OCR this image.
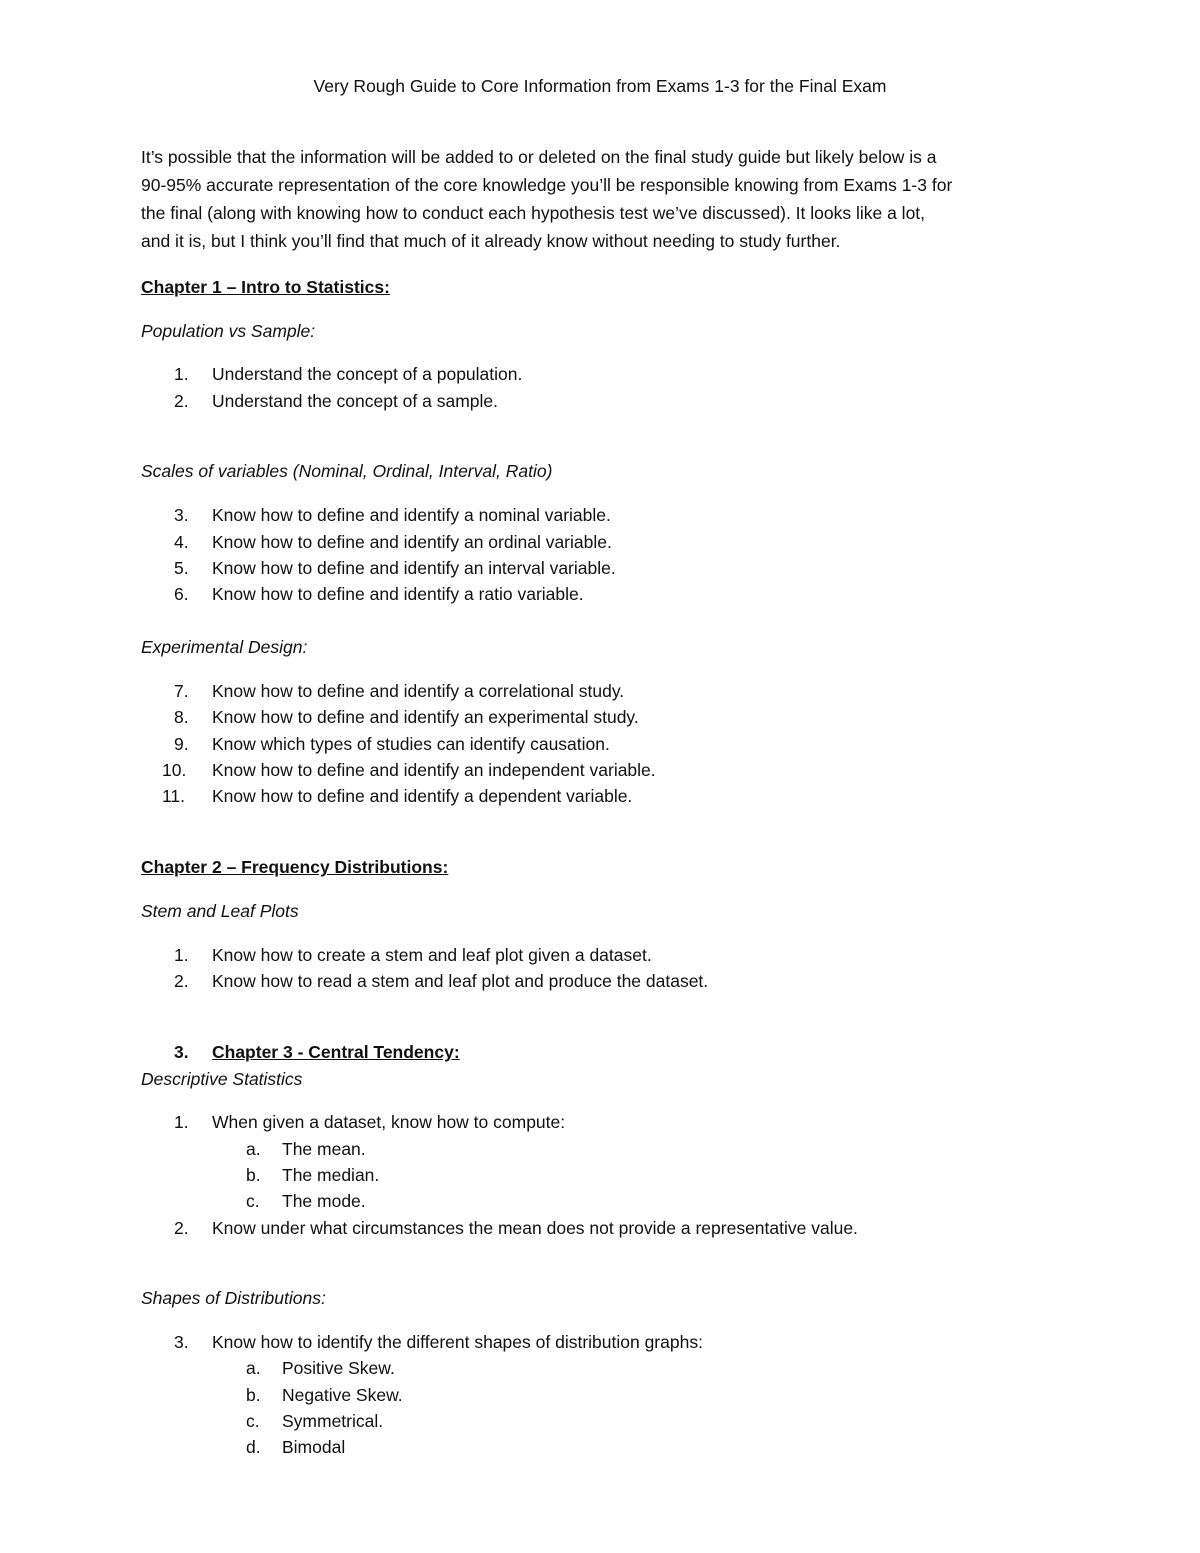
Very Rough Guide to Core Information from Exams 1-3 for the Final Exam
It’s possible that the information will be added to or deleted on the final study guide but likely below is a
90-95% accurate representation of the core knowledge you’ll be responsible knowing from Exams 1-3 for
the final (along with knowing how to conduct each hypothesis test we’ve discussed). It looks like a lot,
and it is, but I think you’ll find that much of it already know without needing to study further.
Chapter 1 – Intro to Statistics:
Population vs Sample:
1. Understand the concept of a population.
2. Understand the concept of a sample.
Scales of variables (Nominal, Ordinal, Interval, Ratio)
3. Know how to define and identify a nominal variable.
4. Know how to define and identify an ordinal variable.
5. Know how to define and identify an interval variable.
6. Know how to define and identify a ratio variable.
Experimental Design:
7. Know how to define and identify a correlational study.
8. Know how to define and identify an experimental study.
9. Know which types of studies can identify causation.
10. Know how to define and identify an independent variable.
11. Know how to define and identify a dependent variable.
Chapter 2 – Frequency Distributions:
Stem and Leaf Plots
1. Know how to create a stem and leaf plot given a dataset.
2. Know how to read a stem and leaf plot and produce the dataset.
3. Chapter 3 - Central Tendency:
Descriptive Statistics
1. When given a dataset, know how to compute:
a. The mean.
b. The median.
c. The mode.
2. Know under what circumstances the mean does not provide a representative value.
Shapes of Distributions:
3. Know how to identify the different shapes of distribution graphs:
a. Positive Skew.
b. Negative Skew.
c. Symmetrical.
d. Bimodal
